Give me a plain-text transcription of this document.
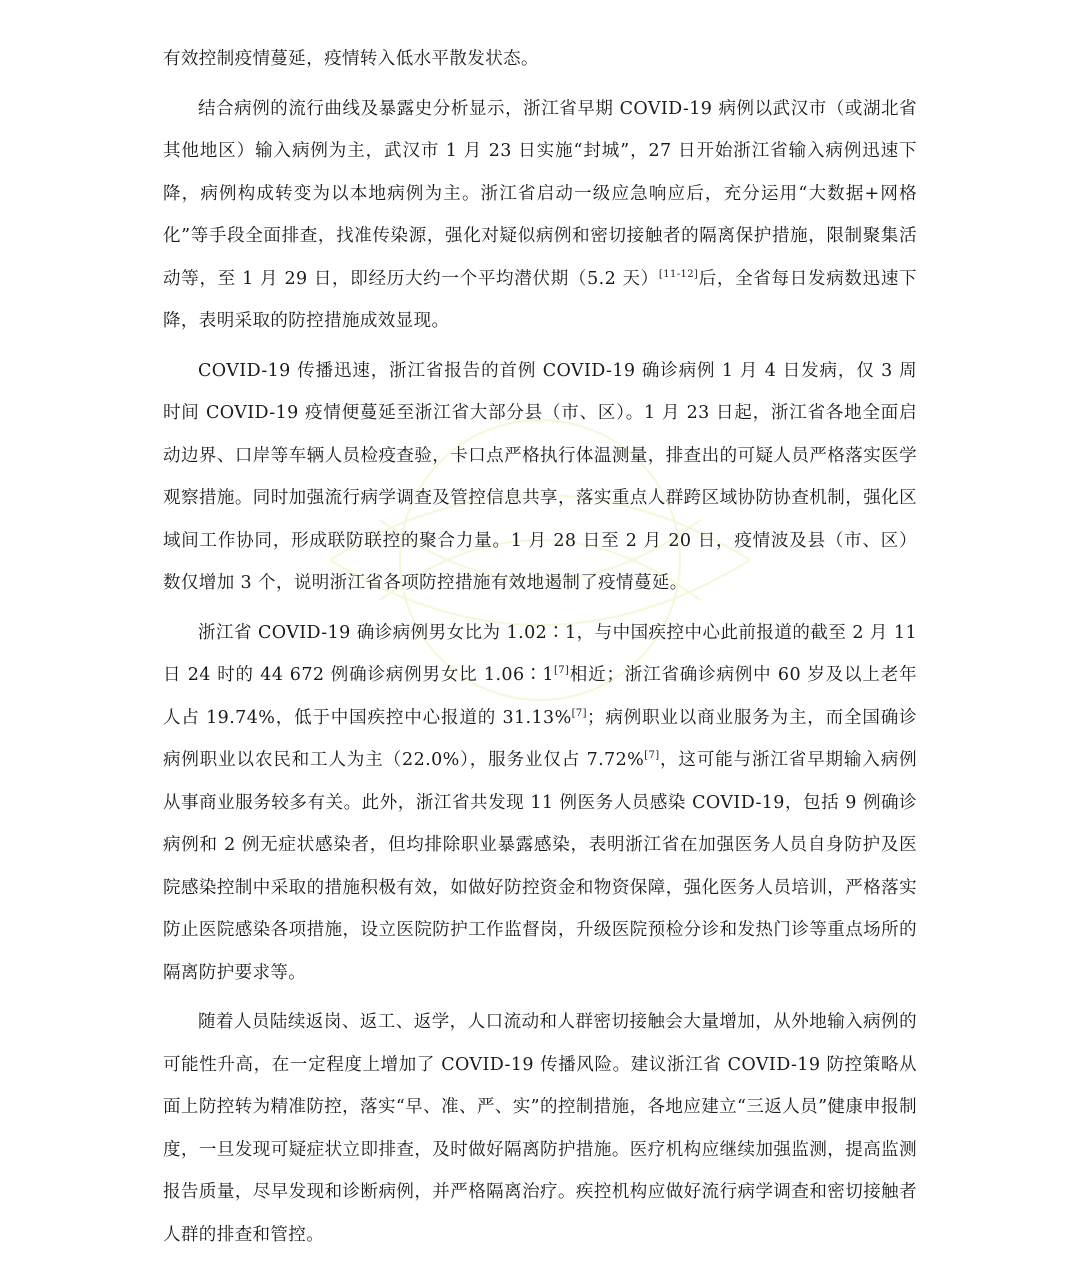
有效控制疫情蔓延，疫情转入低水平散发状态。

结合病例的流行曲线及暴露史分析显示，浙江省早期 COVID-19 病例以武汉市（或湖北省其他地区）输入病例为主，武汉市 1 月 23 日实施“封城”，27 日开始浙江省输入病例迅速下降，病例构成转变为以本地病例为主。浙江省启动一级应急响应后，充分运用“大数据+网格化”等手段全面排查，找准传染源，强化对疑似病例和密切接触者的隔离保护措施，限制聚集活动等，至 1 月 29 日，即经历大约一个平均潜伏期（5.2 天）[11-12]后，全省每日发病数迅速下降，表明采取的防控措施成效显现。

COVID-19 传播迅速，浙江省报告的首例 COVID-19 确诊病例 1 月 4 日发病，仅 3 周时间 COVID-19 疫情便蔓延至浙江省大部分县（市、区）。1 月 23 日起，浙江省各地全面启动边界、口岸等车辆人员检疫查验，卡口点严格执行体温测量，排查出的可疑人员严格落实医学观察措施。同时加强流行病学调查及管控信息共享，落实重点人群跨区域协防协查机制，强化区域间工作协同，形成联防联控的聚合力量。1 月 28 日至 2 月 20 日，疫情波及县（市、区）数仅增加 3 个，说明浙江省各项防控措施有效地遏制了疫情蔓延。

浙江省 COVID-19 确诊病例男女比为 1.02∶1，与中国疾控中心此前报道的截至 2 月 11 日 24 时的 44 672 例确诊病例男女比 1.06∶1[7]相近；浙江省确诊病例中 60 岁及以上老年人占 19.74%，低于中国疾控中心报道的 31.13%[7]；病例职业以商业服务为主，而全国确诊病例职业以农民和工人为主（22.0%），服务业仅占 7.72%[7]，这可能与浙江省早期输入病例从事商业服务较多有关。此外，浙江省共发现 11 例医务人员感染 COVID-19，包括 9 例确诊病例和 2 例无症状感染者，但均排除职业暴露感染，表明浙江省在加强医务人员自身防护及医院感染控制中采取的措施积极有效，如做好防控资金和物资保障，强化医务人员培训，严格落实防止医院感染各项措施，设立医院防护工作监督岗，升级医院预检分诊和发热门诊等重点场所的隔离防护要求等。

随着人员陆续返岗、返工、返学，人口流动和人群密切接触会大量增加，从外地输入病例的可能性升高，在一定程度上增加了 COVID-19 传播风险。建议浙江省 COVID-19 防控策略从面上防控转为精准防控，落实“早、准、严、实”的控制措施，各地应建立“三返人员”健康申报制度，一旦发现可疑症状立即排查，及时做好隔离防护措施。医疗机构应继续加强监测，提高监测报告质量，尽早发现和诊断病例，并严格隔离治疗。疾控机构应做好流行病学调查和密切接触者人群的排查和管控。
